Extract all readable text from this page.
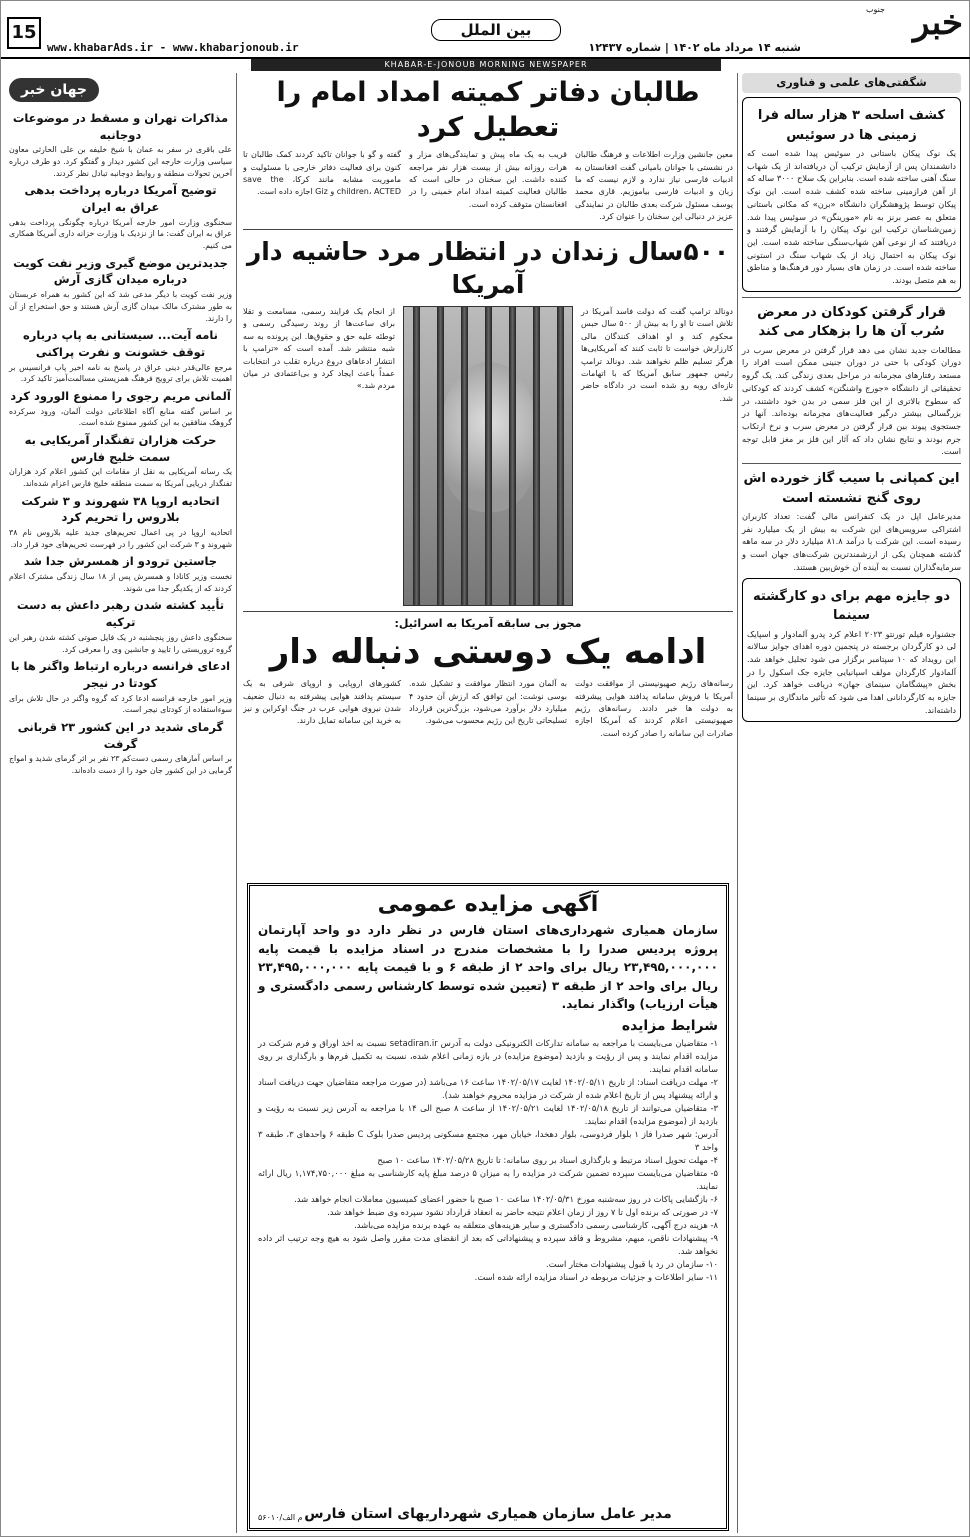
خبر
جنوب
شنبه ۱۴ مرداد ماه ۱۴۰۲ | شماره ۱۲۴۳۷
بین الملل
15
www.khabarAds.ir - www.khabarjonoub.ir
KHABAR-E-JONOUB MORNING NEWSPAPER
شگفتی‌های علمی و فناوری
کشف اسلحه ۳ هزار ساله فرا زمینی ها در سوئیس

یک نوک پیکان باستانی در سوئیس پیدا شده است که دانشمندان پس از آزمایش ترکیب آن دریافته‌اند از یک شهاب سنگ آهنی ساخته شده است. بنابراین یک سلاح ۳۰۰۰ ساله که از آهن فرازمینی ساخته شده کشف شده است. این نوک پیکان توسط پژوهشگران دانشگاه «برن» که مکانی باستانی متعلق به عصر برنز به نام «مورینگن» در سوئیس پیدا شد. زمین‌شناسان ترکیب این نوک پیکان را با آزمایش گرفتند و دریافتند که از نوعی آهن شهاب‌سنگی ساخته شده است. این نوک پیکان به احتمال زیاد از یک شهاب سنگ در استونی ساخته شده است. در زمان های بسیار دور فرهنگ‌ها و مناطق به هم متصل بودند.

قرار گرفتن کودکان در معرض سُرب آن ها را بزهکار می کند

مطالعات جدید نشان می دهد قرار گرفتن در معرض سرب در دوران کودکی با حتی در دوران جنینی ممکن است افراد را مستعد رفتارهای مجرمانه در مراحل بعدی زندگی کند. یک گروه تحقیقاتی از دانشگاه «جورج واشنگتن» کشف کردند که کودکانی که سطوح بالاتری از این فلز سمی در بدن خود داشتند، در بزرگسالی بیشتر درگیر فعالیت‌های مجرمانه بوده‌اند. آنها در جستجوی پیوند بین قرار گرفتن در معرض سرب و نرخ ارتکاب جرم بودند و نتایج نشان داد که آثار این فلز بر مغز قابل توجه است.

این کمپانی با سیب گاز خورده اش روی گنج نشسته است

مدیرعامل اپل در یک کنفرانس مالی گفت: تعداد کاربران اشتراکی سرویس‌های این شرکت به بیش از یک میلیارد نفر رسیده است. این شرکت با درآمد ۸۱.۸ میلیارد دلار در سه ماهه گذشته همچنان یکی از ارزشمندترین شرکت‌های جهان است و سرمایه‌گذاران نسبت به آینده آن خوش‌بین هستند.

دو جایزه مهم برای دو کارگشته سینما

جشنواره فیلم تورنتو ۲۰۲۳ اعلام کرد پدرو آلمادوار و اسپایک لی دو کارگردان برجسته در پنجمین دوره اهدای جوایز سالانه این رویداد که ۱۰ سپتامبر برگزار می شود تجلیل خواهد شد. آلمادوار کارگردان مولف اسپانیایی جایزه جک اسکول را در بخش «پیشگامان سینمای جهان» دریافت خواهد کرد. این جایزه به کارگردانانی اهدا می شود که تأثیر ماندگاری بر سینما داشته‌اند.

جهان خبر
مذاکرات تهران و مسقط در موضوعات دوجانبه

علی باقری در سفر به عمان با شیخ خلیفه بن علی الحارثی معاون سیاسی وزارت خارجه این کشور دیدار و گفتگو کرد. دو طرف درباره آخرین تحولات منطقه و روابط دوجانبه تبادل نظر کردند.

توضیح آمریکا درباره پرداخت بدهی عراق به ایران

سخنگوی وزارت امور خارجه آمریکا درباره چگونگی پرداخت بدهی عراق به ایران گفت: ما از نزدیک با وزارت خزانه داری آمریکا همکاری می کنیم.

جدیدترین موضع گیری وزیر نفت کویت درباره میدان گازی آرش

وزیر نفت کویت با دیگر مدعی شد که این کشور به همراه عربستان به طور مشترک مالک میدان گازی آرش هستند و حق استخراج از آن را دارند.

نامه آیت... سیستانی به پاپ درباره توقف خشونت و نفرت پراکنی

مرجع عالی‌قدر دینی عراق در پاسخ به نامه اخیر پاپ فرانسیس بر اهمیت تلاش برای ترویج فرهنگ همزیستی مسالمت‌آمیز تاکید کرد.

آلمانی مریم رجوی را ممنوع الورود کرد

بر اساس گفته منابع آگاه اطلاعاتی دولت آلمان، ورود سرکرده گروهک منافقین به این کشور ممنوع شده است.

حرکت هزاران تفنگدار آمریکایی به سمت خلیج فارس

یک رسانه آمریکایی به نقل از مقامات این کشور اعلام کرد هزاران تفنگدار دریایی آمریکا به سمت منطقه خلیج فارس اعزام شده‌اند.

اتحادیه اروپا ۳۸ شهروند و ۳ شرکت بلاروس را تحریم کرد

اتحادیه اروپا در پی اعمال تحریم‌های جدید علیه بلاروس نام ۳۸ شهروند و ۳ شرکت این کشور را در فهرست تحریم‌های خود قرار داد.

جاستین ترودو از همسرش جدا شد

نخست وزیر کانادا و همسرش پس از ۱۸ سال زندگی مشترک اعلام کردند که از یکدیگر جدا می شوند.

تأیید کشته شدن رهبر داعش به دست ترکیه

سخنگوی داعش روز پنجشنبه در یک فایل صوتی کشته شدن رهبر این گروه تروریستی را تایید و جانشین وی را معرفی کرد.

ادعای فرانسه درباره ارتباط واگنر ها با کودتا در نیجر

وزیر امور خارجه فرانسه ادعا کرد که گروه واگنر در حال تلاش برای سوءاستفاده از کودتای نیجر است.

گرمای شدید در این کشور ۲۳ قربانی گرفت

بر اساس آمارهای رسمی دست‌کم ۲۳ نفر بر اثر گرمای شدید و امواج گرمایی در این کشور جان خود را از دست داده‌اند.

طالبان دفاتر کمیته امداد امام را تعطیل کرد
معین جانشین وزارت اطلاعات و فرهنگ طالبان در نشستی با جوانان بامیانی گفت افغانستان به ادبیات فارسی نیاز ندارد و لازم نیست که ما زبان و ادبیات فارسی بیاموزیم. قاری محمد یوسف مسئول شرکت بعدی طالبان در نمایندگی عزیز در دنبالی این سخنان را عنوان کرد.
قریب به یک ماه پیش و تمایندگی‌های مزار و هرات روزانه بیش از بیست هزار نفر مراجعه کننده داشت. این سخنان در حالی است که طالبان فعالیت کمیته امداد امام خمینی را در افغانستان متوقف کرده است.
گفته و گو با جوانان تاکید کردند کمک طالبان تا کنون برای فعالیت دفاتر خارجی با مسئولیت و ماموریت مشابه مانند کرکا، save the children، ACTED و Giz اجازه داده است.
۵۰۰سال زندان در انتظار مرد حاشیه دار آمریکا
دونالد ترامپ گفت که دولت فاسد آمریکا در تلاش است تا او را به بیش از ۵۰۰ سال حبس محکوم کند و او اهداف کنندگان مالی کارزارش خواست تا ثابت کنند که آمریکایی‌ها هرگز تسلیم ظلم نخواهند شد. دونالد ترامپ رئیس جمهور سابق آمریکا که با اتهامات تازه‌ای روبه رو شده است در دادگاه حاضر شد.
از انجام یک فرایند رسمی، مسامعت و تقلا برای ساعت‌ها از روند رسیدگی رسمی و توطئه علیه حق و حقوق‌ها. این پرونده به سه شبه منتشر شد. آمده است که «ترامپ با انتشار ادعاهای دروغ درباره تقلب در انتخابات عمداً باعث ایجاد کرد و بی‌اعتمادی در میان مردم شد.»
مجوز بی سابقه آمریکا به اسرائیل:
ادامه یک دوستی دنباله دار
رسانه‌های رژیم صهیونیستی از موافقت دولت آمریکا با فروش سامانه پدافند هوایی پیشرفته به دولت ها خبر دادند. رسانه‌های رژیم صهیونیستی اعلام کردند که آمریکا اجازه صادرات این سامانه را صادر کرده است.
به آلمان مورد انتظار موافقت و تشکیل شده. بوسی نوشت: این توافق که ارزش آن حدود ۴ میلیارد دلار برآورد می‌شود، بزرگ‌ترین قرارداد تسلیحاتی تاریخ این رژیم محسوب می‌شود.
کشورهای اروپایی و اروپای شرقی به یک سیستم پدافند هوایی پیشرفته به دنبال ضعیف شدن نیروی هوایی عرب در جنگ اوکراین و نیز به خرید این سامانه تمایل دارند.
آگهی مزایده عمومی
سازمان همیاری شهرداری‌های استان فارس در نظر دارد دو واحد آپارتمان پروژه پردیس صدرا را با مشخصات مندرج در اسناد مزایده با قیمت پایه ۲۳,۴۹۵,۰۰۰,۰۰۰ ریال برای واحد ۲ از طبقه ۶ و با قیمت پایه ۲۳,۴۹۵,۰۰۰,۰۰۰ ریال برای واحد ۲ از طبقه ۳ (تعیین شده توسط کارشناس رسمی دادگستری و هیأت ارزیاب) واگذار نماید.
شرایط مزایده
۱- متقاضیان می‌بایست با مراجعه به سامانه تدارکات الکترونیکی دولت به آدرس setadiran.ir نسبت به اخذ اوراق و فرم شرکت در مزایده اقدام نمایند و پس از رؤیت و بازدید (موضوع مزایده) در بازه زمانی اعلام شده، نسبت به تکمیل فرم‌ها و بارگذاری بر روی سامانه اقدام نمایند.
۲- مهلت دریافت اسناد: از تاریخ ۱۴۰۲/۰۵/۱۱ لغایت ۱۴۰۲/۰۵/۱۷ ساعت ۱۶ می‌باشد (در صورت مراجعه متقاضیان جهت دریافت اسناد و ارائه پیشنهاد پس از تاریخ اعلام شده از شرکت در مزایده محروم خواهند شد).
۳- متقاضیان می‌توانند از تاریخ ۱۴۰۲/۰۵/۱۸ لغایت ۱۴۰۲/۰۵/۲۱ از ساعت ۸ صبح الی ۱۴ با مراجعه به آدرس زیر نسبت به رؤیت و بازدید از (موضوع مزایده) اقدام نمایند.
آدرس: شهر صدرا فاز ۱ بلوار فردوسی، بلوار دهخدا، خیابان مهر، مجتمع مسکونی پردیس صدرا بلوک C طبقه ۶ واحدهای ۳، طبقه ۳ واحد ۳
۴- مهلت تحویل اسناد مرتبط و بارگذاری اسناد بر روی سامانه: تا تاریخ ۱۴۰۲/۰۵/۲۸ ساعت ۱۰ صبح
۵- متقاضیان می‌بایست سپرده تضمین شرکت در مزایده را به میزان ۵ درصد مبلغ پایه کارشناسی به مبلغ ۱,۱۷۴,۷۵۰,۰۰۰ ریال ارائه نمایند.
۶- بازگشایی پاکات در روز سه‌شنبه مورخ ۱۴۰۲/۰۵/۳۱ ساعت ۱۰ صبح با حضور اعضای کمیسیون معاملات انجام خواهد شد.
۷- در صورتی که برنده اول تا ۷ روز از زمان اعلام نتیجه حاضر به انعقاد قرارداد نشود سپرده وی ضبط خواهد شد.
۸- هزینه درج آگهی، کارشناسی رسمی دادگستری و سایر هزینه‌های متعلقه به عهده برنده مزایده می‌باشد.
۹- پیشنهادات ناقص، مبهم، مشروط و فاقد سپرده و پیشنهاداتی که بعد از انقضای مدت مقرر واصل شود به هیچ وجه ترتیب اثر داده نخواهد شد.
۱۰- سازمان در رد یا قبول پیشنهادات مختار است.
۱۱- سایر اطلاعات و جزئیات مربوطه در اسناد مزایده ارائه شده است.
مدیر عامل سازمان همیاری شهرداریهای استان فارس
۵۶۰۱۰/م الف
